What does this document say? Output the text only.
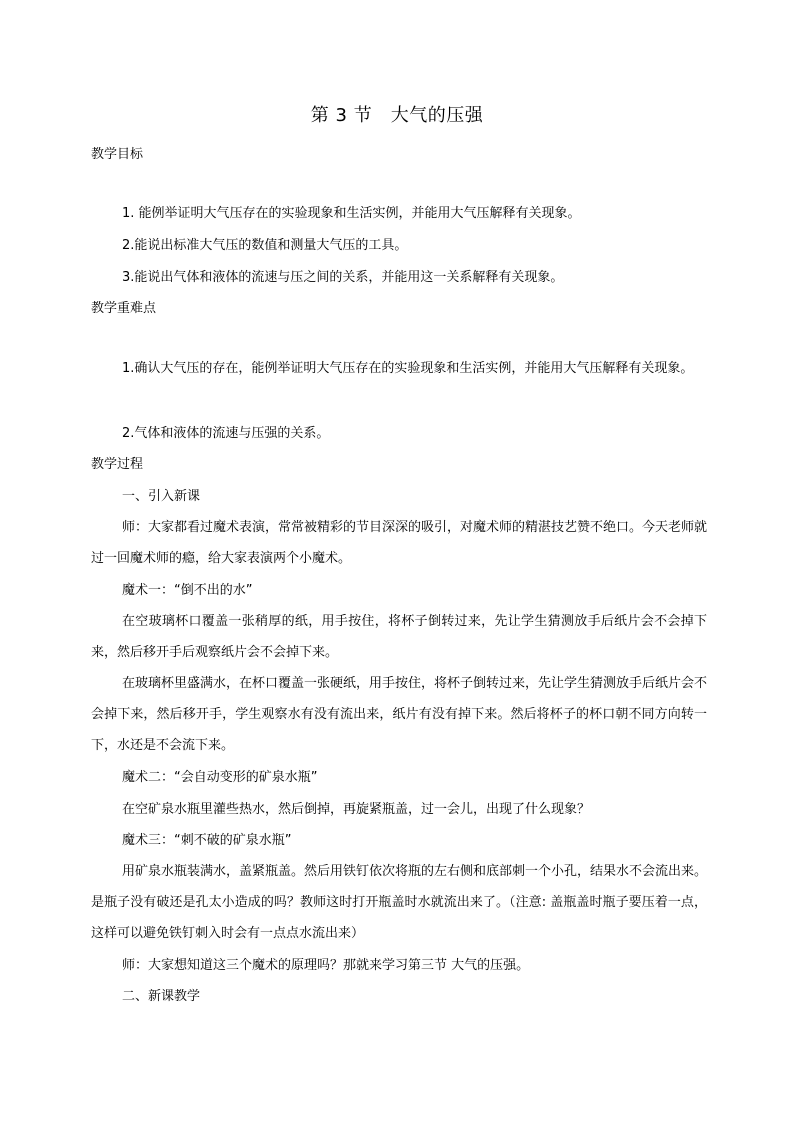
第 3 节　大气的压强
教学目标
1. 能例举证明大气压存在的实验现象和生活实例，并能用大气压解释有关现象。
2.能说出标准大气压的数值和测量大气压的工具。
3.能说出气体和液体的流速与压之间的关系，并能用这一关系解释有关现象。
教学重难点
1.确认大气压的存在，能例举证明大气压存在的实验现象和生活实例，并能用大气压解释有关现象。
2.气体和液体的流速与压强的关系。
教学过程
一、引入新课
师：大家都看过魔术表演，常常被精彩的节目深深的吸引，对魔术师的精湛技艺赞不绝口。今天老师就过一回魔术师的瘾，给大家表演两个小魔术。
魔术一：“倒不出的水”
在空玻璃杯口覆盖一张稍厚的纸，用手按住，将杯子倒转过来，先让学生猜测放手后纸片会不会掉下来，然后移开手后观察纸片会不会掉下来。
在玻璃杯里盛满水，在杯口覆盖一张硬纸，用手按住，将杯子倒转过来，先让学生猜测放手后纸片会不会掉下来，然后移开手，学生观察水有没有流出来，纸片有没有掉下来。然后将杯子的杯口朝不同方向转一下，水还是不会流下来。
魔术二：“会自动变形的矿泉水瓶”
在空矿泉水瓶里灌些热水，然后倒掉，再旋紧瓶盖，过一会儿，出现了什么现象？
魔术三：“刺不破的矿泉水瓶”
用矿泉水瓶装满水，盖紧瓶盖。然后用铁钉依次将瓶的左右侧和底部刺一个小孔，结果水不会流出来。是瓶子没有破还是孔太小造成的吗？教师这时打开瓶盖时水就流出来了。（注意: 盖瓶盖时瓶子要压着一点，这样可以避免铁钉刺入时会有一点点水流出来）
师：大家想知道这三个魔术的原理吗？那就来学习第三节 大气的压强。
二、新课教学
